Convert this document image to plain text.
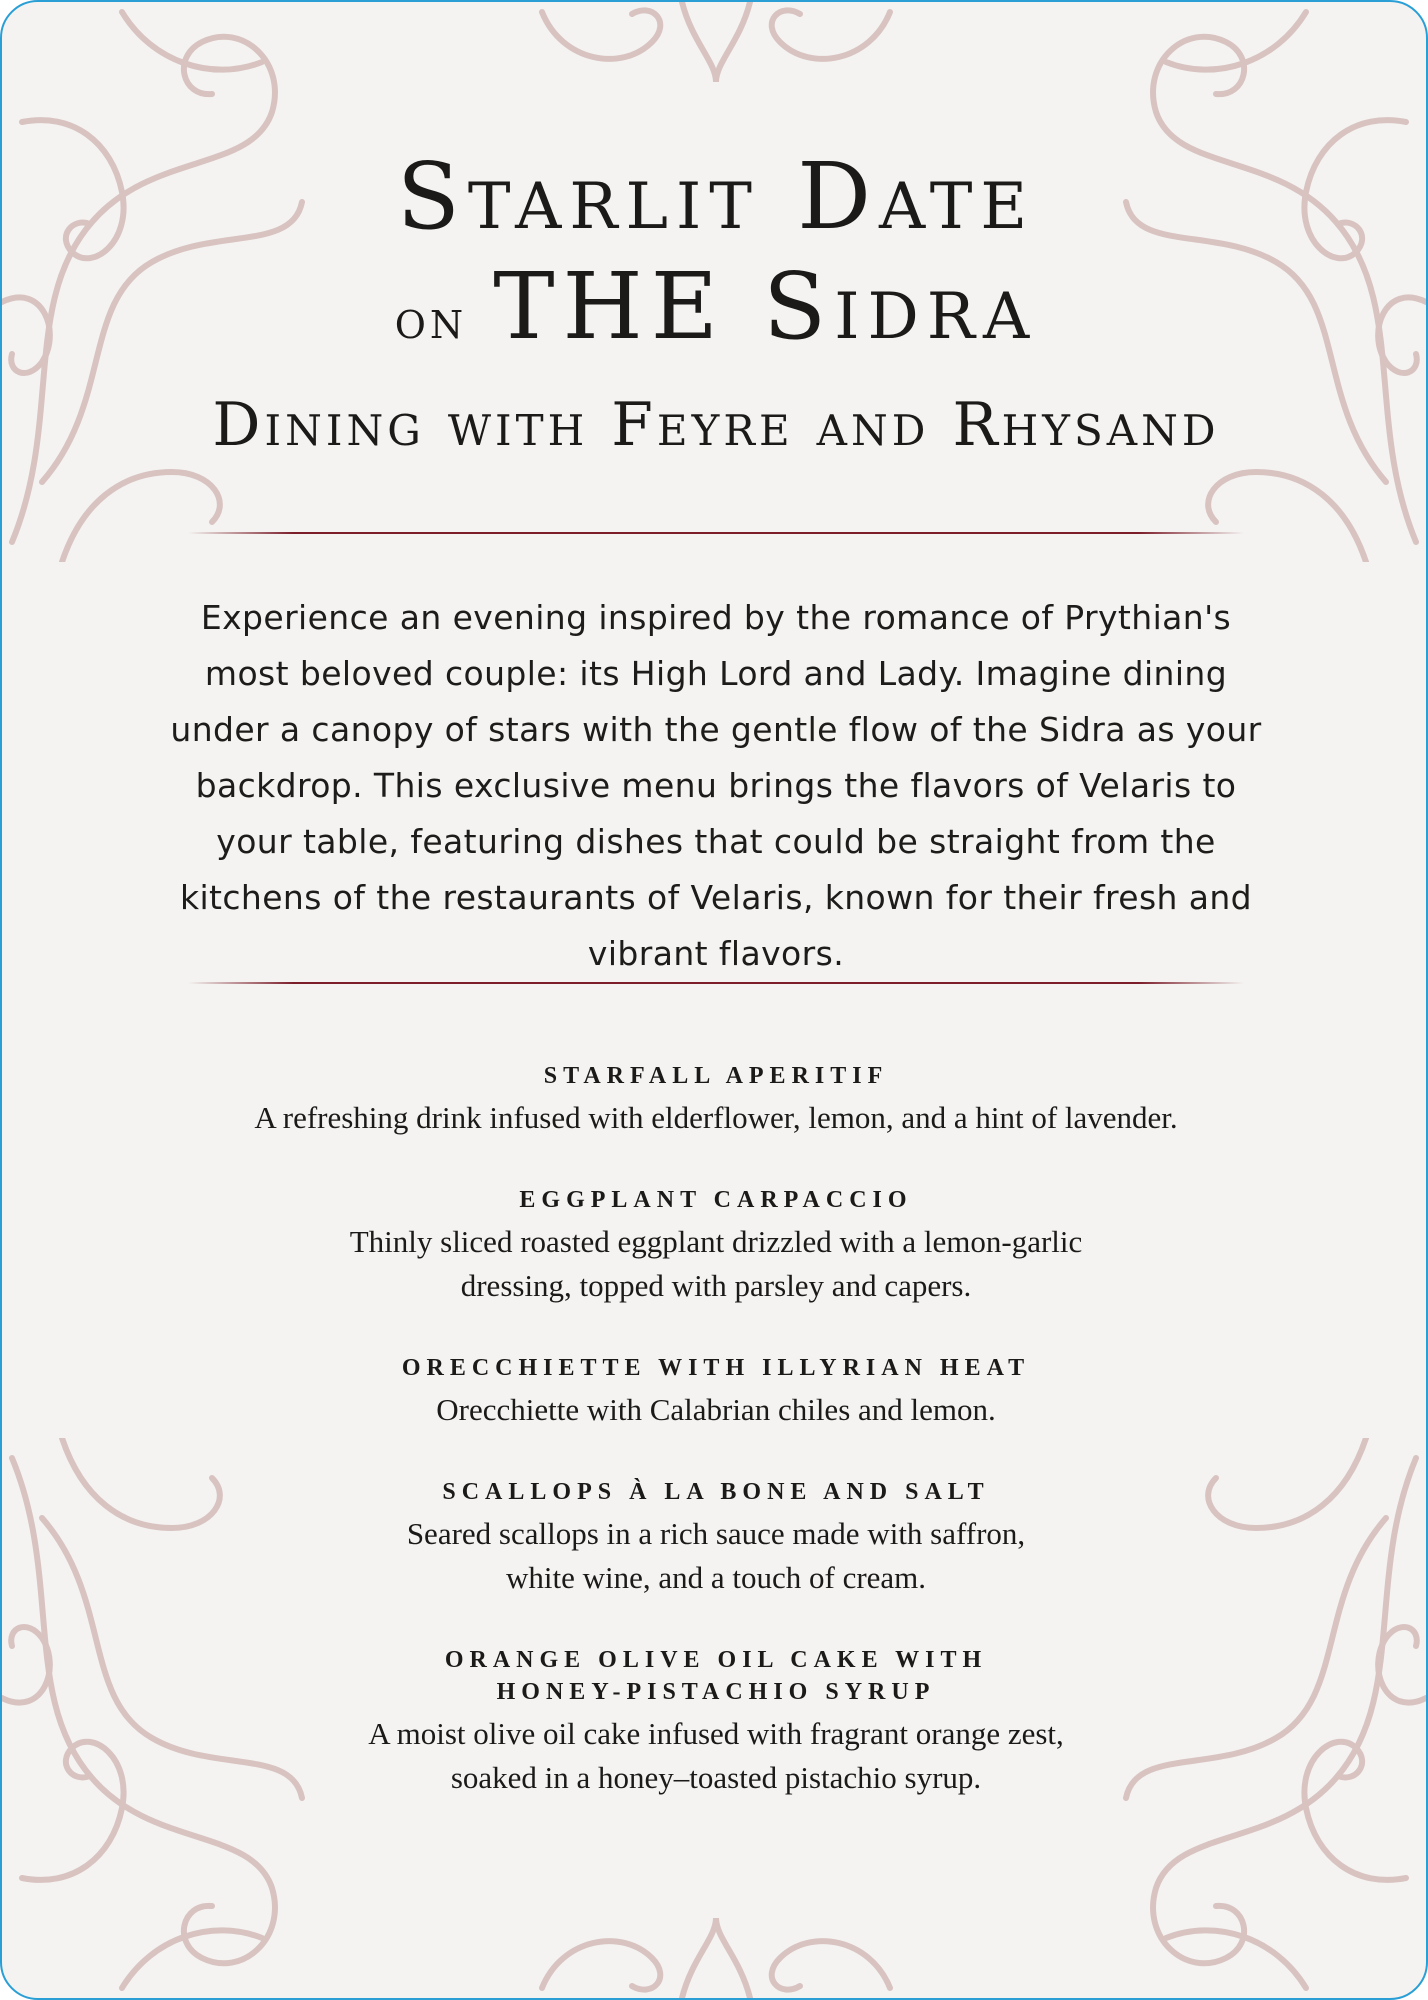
Starlit Date
on THE Sidra
Dining with Feyre and Rhysand
Experience an evening inspired by the romance of Prythian's most beloved couple: its High Lord and Lady. Imagine dining under a canopy of stars with the gentle flow of the Sidra as your backdrop. This exclusive menu brings the flavors of Velaris to your table, featuring dishes that could be straight from the kitchens of the restaurants of Velaris, known for their fresh and vibrant flavors.
STARFALL APERITIF
A refreshing drink infused with elderflower, lemon, and a hint of lavender.
EGGPLANT CARPACCIO
Thinly sliced roasted eggplant drizzled with a lemon-garlic
dressing, topped with parsley and capers.
ORECCHIETTE WITH ILLYRIAN HEAT
Orecchiette with Calabrian chiles and lemon.
SCALLOPS À LA BONE AND SALT
Seared scallops in a rich sauce made with saffron,
white wine, and a touch of cream.
ORANGE OLIVE OIL CAKE WITH
HONEY-PISTACHIO SYRUP
A moist olive oil cake infused with fragrant orange zest,
soaked in a honey–toasted pistachio syrup.
